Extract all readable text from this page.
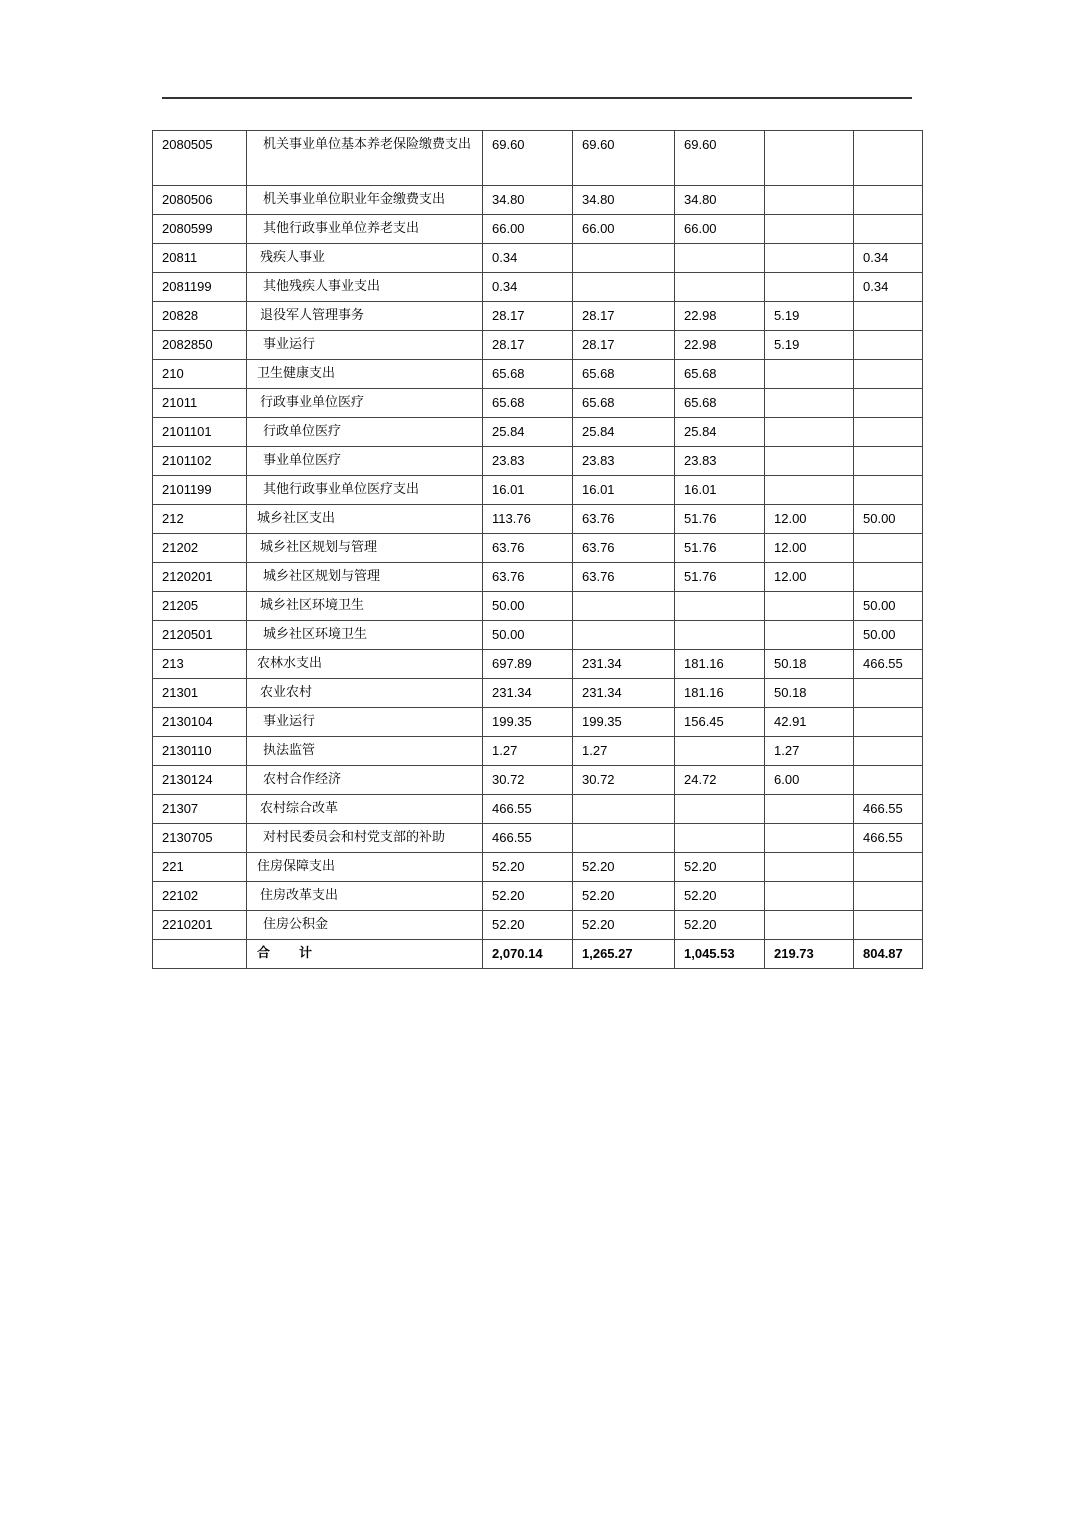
2080505	机关事业单位基本养老保险缴费支出	69.60	69.60	69.60		
2080506	机关事业单位职业年金缴费支出	34.80	34.80	34.80		
2080599	其他行政事业单位养老支出	66.00	66.00	66.00		
20811	残疾人事业	0.34				0.34
2081199	其他残疾人事业支出	0.34				0.34
20828	退役军人管理事务	28.17	28.17	22.98	5.19	
2082850	事业运行	28.17	28.17	22.98	5.19	
210	卫生健康支出	65.68	65.68	65.68		
21011	行政事业单位医疗	65.68	65.68	65.68		
2101101	行政单位医疗	25.84	25.84	25.84		
2101102	事业单位医疗	23.83	23.83	23.83		
2101199	其他行政事业单位医疗支出	16.01	16.01	16.01		
212	城乡社区支出	113.76	63.76	51.76	12.00	50.00
21202	城乡社区规划与管理	63.76	63.76	51.76	12.00	
2120201	城乡社区规划与管理	63.76	63.76	51.76	12.00	
21205	城乡社区环境卫生	50.00				50.00
2120501	城乡社区环境卫生	50.00				50.00
213	农林水支出	697.89	231.34	181.16	50.18	466.55
21301	农业农村	231.34	231.34	181.16	50.18	
2130104	事业运行	199.35	199.35	156.45	42.91	
2130110	执法监管	1.27	1.27		1.27	
2130124	农村合作经济	30.72	30.72	24.72	6.00	
21307	农村综合改革	466.55				466.55
2130705	对村民委员会和村党支部的补助	466.55				466.55
221	住房保障支出	52.20	52.20	52.20		
22102	住房改革支出	52.20	52.20	52.20		
2210201	住房公积金	52.20	52.20	52.20		
	合　　计	2,070.14	1,265.27	1,045.53	219.73	804.87
